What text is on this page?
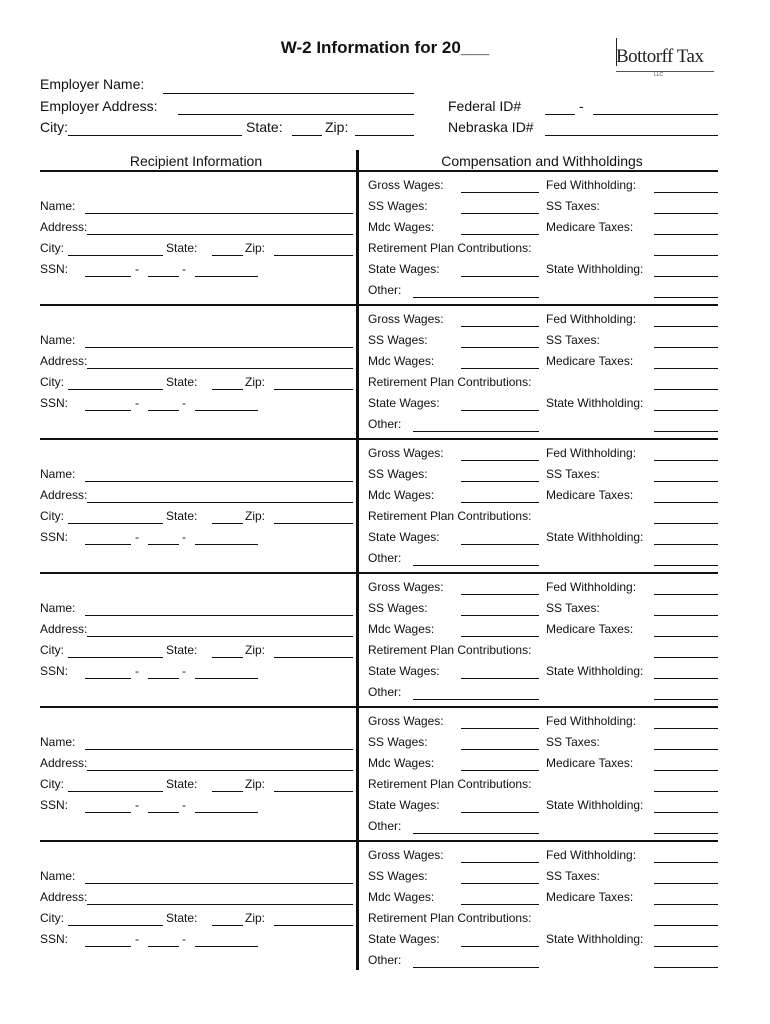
W-2 Information for 20___	Bottorff Tax
LLC
Employer Name:
Employer Address:
City:	State:	Zip:
Federal ID#	-
Nebraska ID#
Recipient Information	Compensation and Withholdings
Name:
Address:
City:	State:	Zip:
SSN:	-	-
Gross Wages:	Fed Withholding:
SS Wages:	SS Taxes:
Mdc Wages:	Medicare Taxes:
Retirement Plan Contributions:
State Wages:	State Withholding:
Other:
Name:
Address:
City:	State:	Zip:
SSN:	-	-
Gross Wages:	Fed Withholding:
SS Wages:	SS Taxes:
Mdc Wages:	Medicare Taxes:
Retirement Plan Contributions:
State Wages:	State Withholding:
Other:
Name:
Address:
City:	State:	Zip:
SSN:	-	-
Gross Wages:	Fed Withholding:
SS Wages:	SS Taxes:
Mdc Wages:	Medicare Taxes:
Retirement Plan Contributions:
State Wages:	State Withholding:
Other:
Name:
Address:
City:	State:	Zip:
SSN:	-	-
Gross Wages:	Fed Withholding:
SS Wages:	SS Taxes:
Mdc Wages:	Medicare Taxes:
Retirement Plan Contributions:
State Wages:	State Withholding:
Other:
Name:
Address:
City:	State:	Zip:
SSN:	-	-
Gross Wages:	Fed Withholding:
SS Wages:	SS Taxes:
Mdc Wages:	Medicare Taxes:
Retirement Plan Contributions:
State Wages:	State Withholding:
Other:
Name:
Address:
City:	State:	Zip:
SSN:	-	-
Gross Wages:	Fed Withholding:
SS Wages:	SS Taxes:
Mdc Wages:	Medicare Taxes:
Retirement Plan Contributions:
State Wages:	State Withholding:
Other:
